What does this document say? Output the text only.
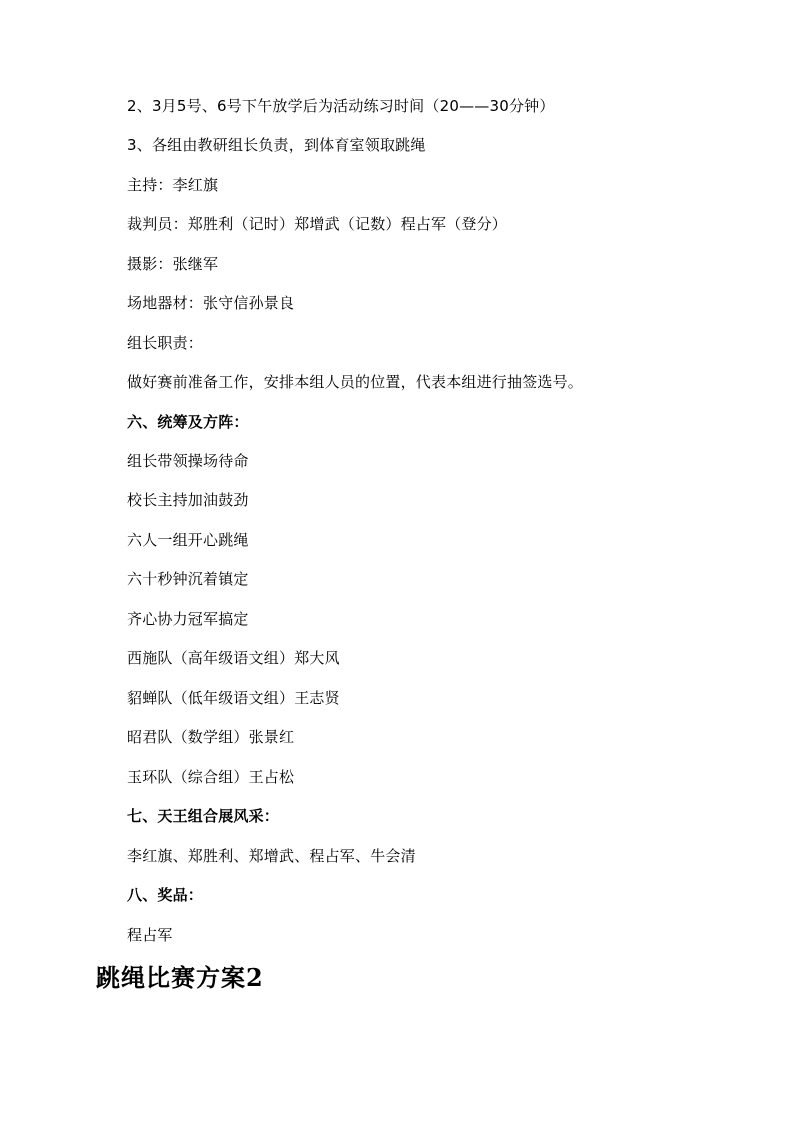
2、3月5号、6号下午放学后为活动练习时间（20——30分钟）
3、各组由教研组长负责，到体育室领取跳绳
主持：李红旗
裁判员：郑胜利（记时）郑增武（记数）程占军（登分）
摄影：张继军
场地器材：张守信孙景良
组长职责：
做好赛前准备工作，安排本组人员的位置，代表本组进行抽签选号。
六、统筹及方阵：
组长带领操场待命
校长主持加油鼓劲
六人一组开心跳绳
六十秒钟沉着镇定
齐心协力冠军搞定
西施队（高年级语文组）郑大风
貂蝉队（低年级语文组）王志贤
昭君队（数学组）张景红
玉环队（综合组）王占松
七、天王组合展风采：
李红旗、郑胜利、郑增武、程占军、牛会清
八、奖品：
程占军
跳绳比赛方案2
